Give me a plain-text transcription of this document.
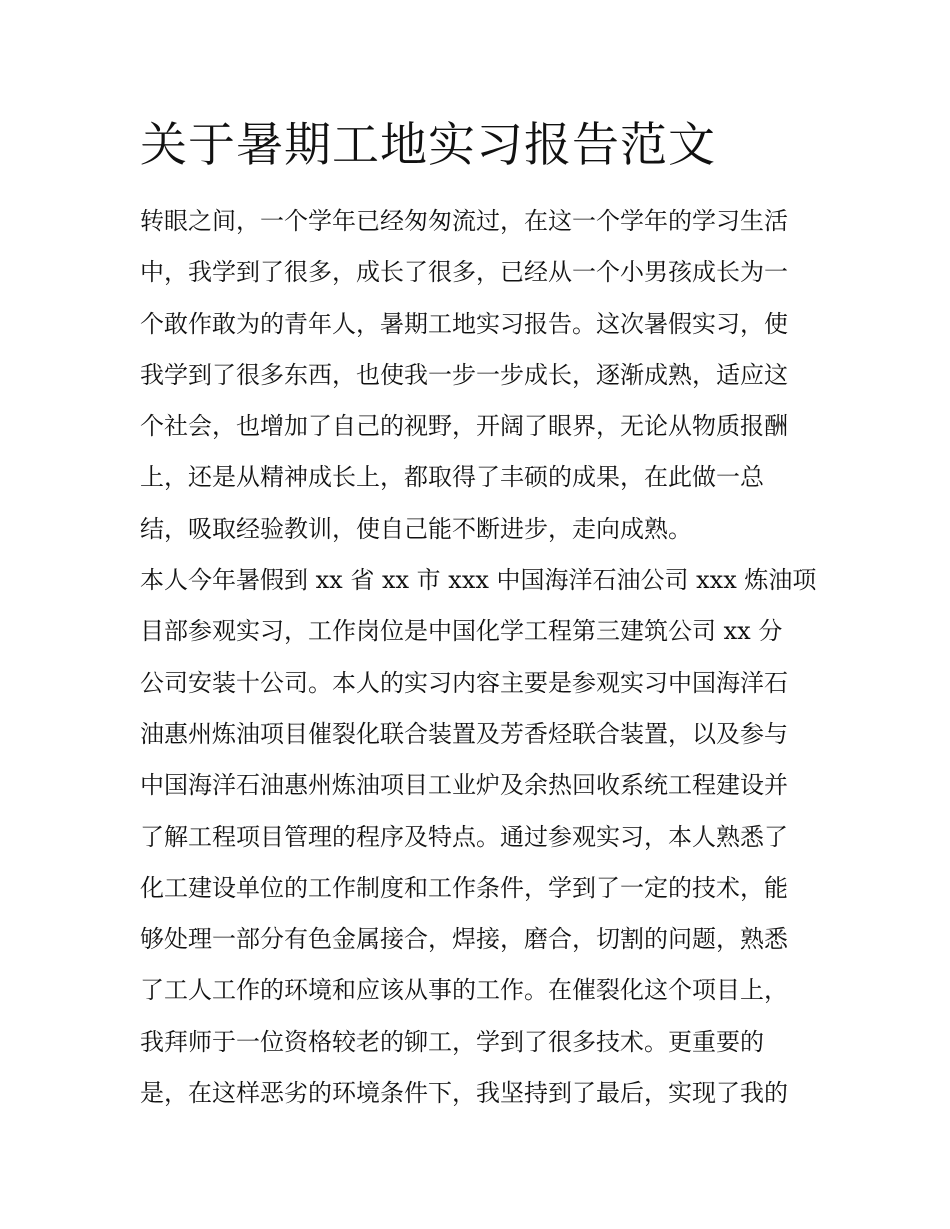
关于暑期工地实习报告范文
转眼之间，一个学年已经匆匆流过，在这一个学年的学习生活
中，我学到了很多，成长了很多，已经从一个小男孩成长为一
个敢作敢为的青年人，暑期工地实习报告。这次暑假实习，使
我学到了很多东西，也使我一步一步成长，逐渐成熟，适应这
个社会，也增加了自己的视野，开阔了眼界，无论从物质报酬
上，还是从精神成长上，都取得了丰硕的成果，在此做一总
结，吸取经验教训，使自己能不断进步，走向成熟。
本人今年暑假到 xx 省 xx 市 xxx 中国海洋石油公司 xxx 炼油项
目部参观实习，工作岗位是中国化学工程第三建筑公司 xx 分
公司安装十公司。本人的实习内容主要是参观实习中国海洋石
油惠州炼油项目催裂化联合装置及芳香烃联合装置，以及参与
中国海洋石油惠州炼油项目工业炉及余热回收系统工程建设并
了解工程项目管理的程序及特点。通过参观实习，本人熟悉了
化工建设单位的工作制度和工作条件，学到了一定的技术，能
够处理一部分有色金属接合，焊接，磨合，切割的问题，熟悉
了工人工作的环境和应该从事的工作。在催裂化这个项目上，
我拜师于一位资格较老的铆工，学到了很多技术。更重要的
是，在这样恶劣的环境条件下，我坚持到了最后，实现了我的
